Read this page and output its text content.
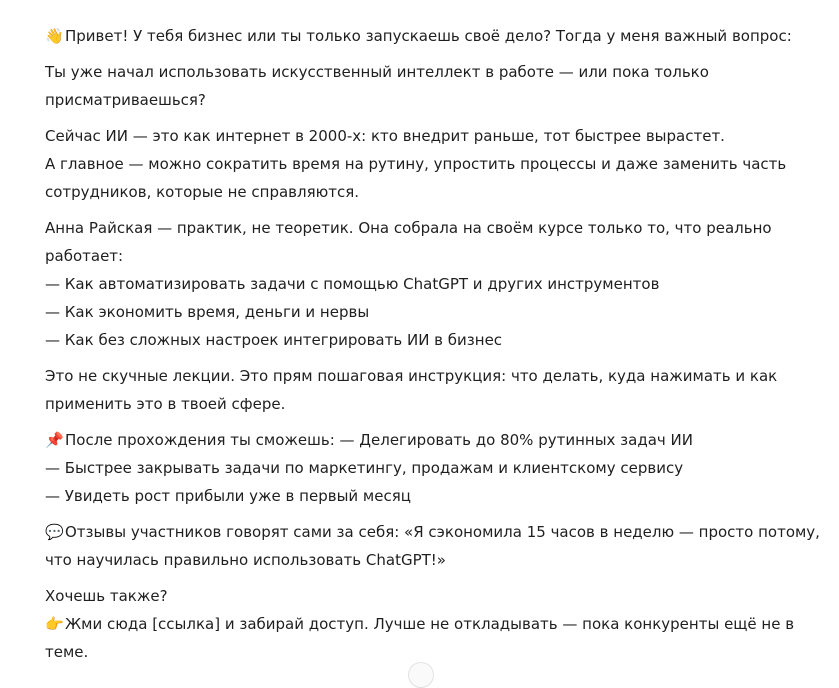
👋Привет! У тебя бизнес или ты только запускаешь своё дело? Тогда у меня важный вопрос:
Ты уже начал использовать искусственный интеллект в работе — или пока только
присматриваешься?
Сейчас ИИ — это как интернет в 2000-х: кто внедрит раньше, тот быстрее вырастет.
А главное — можно сократить время на рутину, упростить процессы и даже заменить часть
сотрудников, которые не справляются.
Анна Райская — практик, не теоретик. Она собрала на своём курсе только то, что реально
работает:
— Как автоматизировать задачи с помощью ChatGPT и других инструментов
— Как экономить время, деньги и нервы
— Как без сложных настроек интегрировать ИИ в бизнес
Это не скучные лекции. Это прям пошаговая инструкция: что делать, куда нажимать и как
применить это в твоей сфере.
📌После прохождения ты сможешь: — Делегировать до 80% рутинных задач ИИ
— Быстрее закрывать задачи по маркетингу, продажам и клиентскому сервису
— Увидеть рост прибыли уже в первый месяц
💬Отзывы участников говорят сами за себя: «Я сэкономила 15 часов в неделю — просто потому,
что научилась правильно использовать ChatGPT!»
Хочешь также?
👉Жми сюда [ссылка] и забирай доступ. Лучше не откладывать — пока конкуренты ещё не в
теме.
